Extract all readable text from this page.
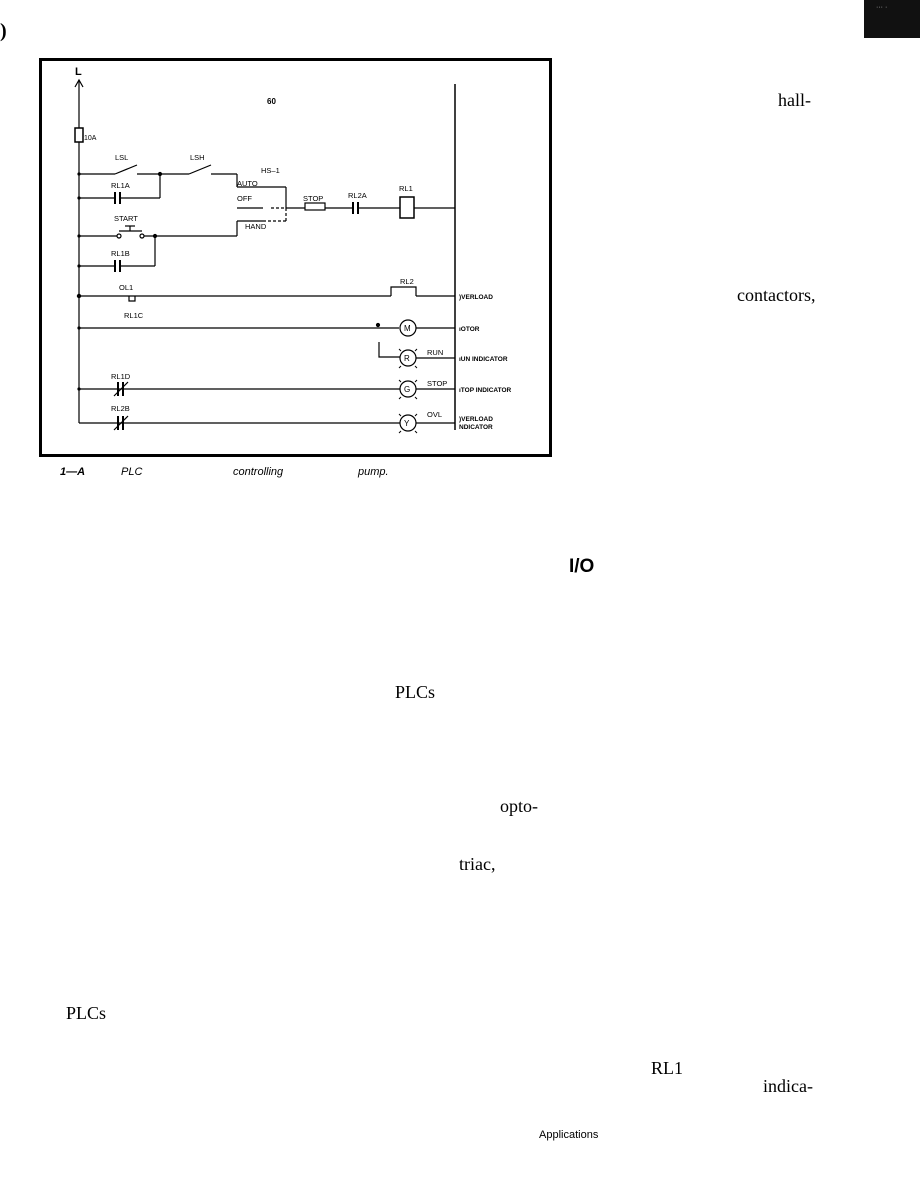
)
··· ·
L
60
10A
LSL	LSH
HS–1
AUTO
STOP	RL2A
RL1
OFF
HAND
RL1A
START
RL1B
OL1
RL2
RL1C
M
R
RUN
RL1D
G
STOP
RL2B
Y
OVL
)VERLOAD
ıOTOR
ıUN INDICATOR
ıTOP INDICATOR
)VERLOAD
NDICATOR
1—A	PLC	controlling	pump.
hall-
contactors,
I/O
PLCs
opto-
triac,
PLCs
RL1
indica-
Applications
